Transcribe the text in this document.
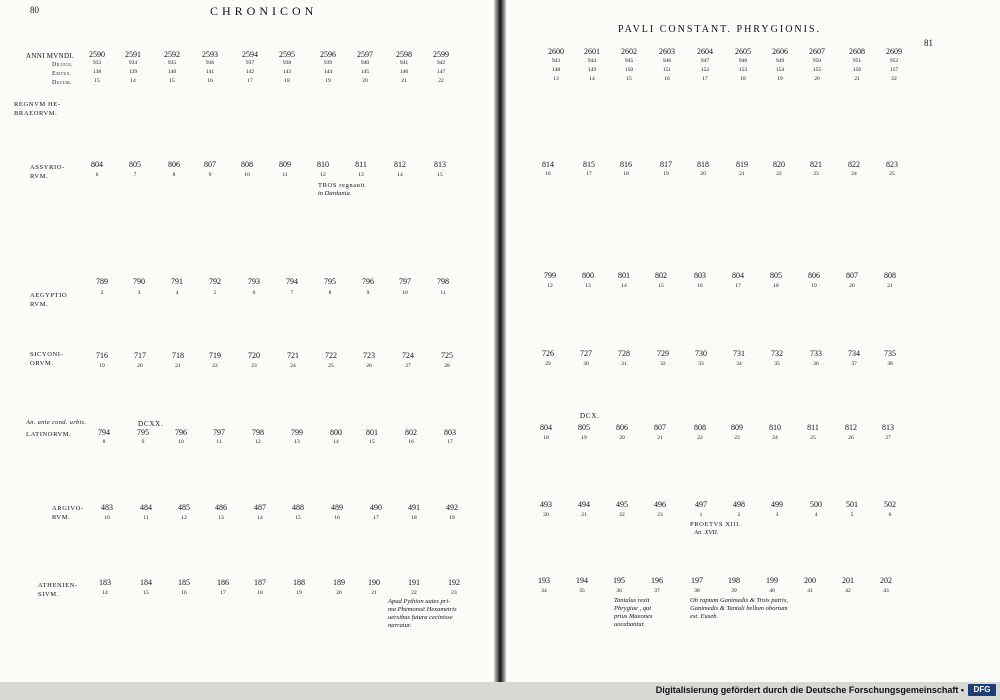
80	CHRONICON
ANNI MVNDI.
Diluuij.
Exitus.
Ducum.
2590	2591	2592	2593	2594	2595	2596	2597	2598	2599
933	934	935	936	937	938	939	940	941	942
138	139	140	141	142	143	144	145	146	147
15	14	15	16	17	18	19	20	21	22
REGNVM HE- BRAEORVM.
ASSYRIO- RVM.
804	805	806	807	808	809	810	811	812	813
6	7	8	9	10	11	12	13	14	15
TROS regnauit
in Dardania.
AEGYPTIO RVM.
789	790	791	792	793	794	795	796	797	798
2	3	4	5	6	7	8	9	10	11
SICYONI- ORVM.
716	717	718	719	720	721	722	723	724	725
19	20	21	22	23	24	25	26	27	28
An. ante cond. urbis.	DCXX.
LATINORVM.	794	795	796	797	798	799	800	801	802	803
8	9	10	11	12	13	14	15	16	17
ARGIVO- RVM.
483	484	485	486	487	488	489	490	491	492
10	11	12	13	14	15	16	17	18	19
ATHENIEN- SIVM.
183	184	185	186	187	188	189	190	191	192
14	15	16	17	18	19	20	21	22	23
Apud Pythion uates pri-
ma Phemonoë Hexametris
uersibus futura cecinisse
narratur.
PAVLI CONSTANT. PHRYGIONIS.
81
2600	2601	2602	2603	2604	2605	2606	2607	2608	2609
943	944	945	946	947	948	949	950	951	952
148	149	150	151	152	153	154	155	156	157
13	14	15	16	17	18	19	20	21	22
814	815	816	817	818	819	820	821	822	823
16	17	18	19	20	21	22	23	24	25
799	800	801	802	803	804	805	806	807	808
12	13	14	15	16	17	18	19	20	21
726	727	728	729	730	731	732	733	734	735
29	30	31	32	33	34	35	36	37	38
DCX.
804	805	806	807	808	809	810	811	812	813
18	19	20	21	22	23	24	25	26	27
493	494	495	496	497	498	499	500	501	502
20	21	22	23	1	2	3	4	5	6
PROETVS XIII.
An. XVII.
193	194	195	196	197	198	199	200	201	202
34	35	36	37	38	39	40	41	42	43
Tantalus rexit
Phrygiae , qui
prius Maeones
uocabantur.
Ob raptum Ganimedis & Trois patris,
Ganimedis & Tantali bellum obortum
est. Euseb.
Digitalisierung gefördert durch die Deutsche Forschungsgemeinschaft •	DFG
